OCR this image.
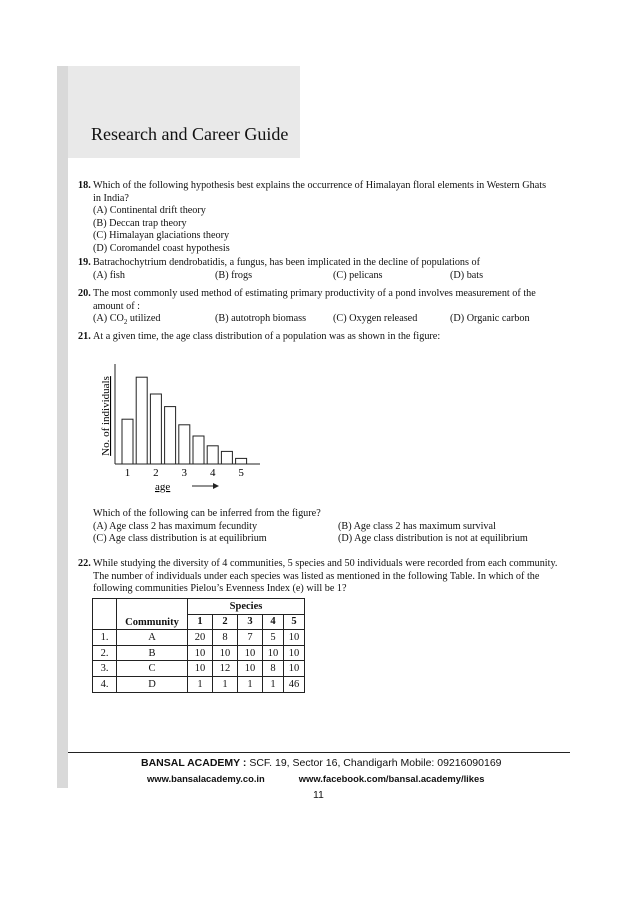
Research and Career Guide
18. Which of the following hypothesis best explains the occurrence of Himalayan floral elements in Western Ghats
in India?
(A) Continental drift theory
(B) Deccan trap theory
(C) Himalayan glaciations theory
(D) Coromandel coast hypothesis
19. Batrachochytrium dendrobatidis, a fungus, has been implicated in the decline of populations of
(A) fish	(B) frogs	(C) pelicans	(D) bats
20. The most commonly used method of estimating primary productivity of a pond involves measurement of the
amount of :
(A) $CO_2$ utilized	(B) autotroph biomass	(C) Oxygen released	(D) Organic carbon
21. At a given time, the age class distribution of a population was as shown in the figure:
1 2 3 4 5
No. of individuals
age
Which of the following can be inferred from the figure?
(A) Age class 2 has maximum fecundity	(B) Age class 2 has maximum survival
(C) Age class distribution is at equilibrium	(D) Age class distribution is not at equilibrium
22. While studying the diversity of 4 communities, 5 species and 50 individuals were recorded from each community.
The number of individuals under each species was listed as mentioned in the following Table. In which of the
following communities Pielou’s Evenness Index (e) will be 1?
	Community	Species				
		1	2	3	4	5
1.	A	20	8	7	5	10
2.	B	10	10	10	10	10
3.	C	10	12	10	8	10
4.	D	1	1	1	1	46
BANSAL ACADEMY : SCF. 19, Sector 16, Chandigarh Mobile: 09216090169
www.bansalacademy.co.in	www.facebook.com/bansal.academy/likes
11
